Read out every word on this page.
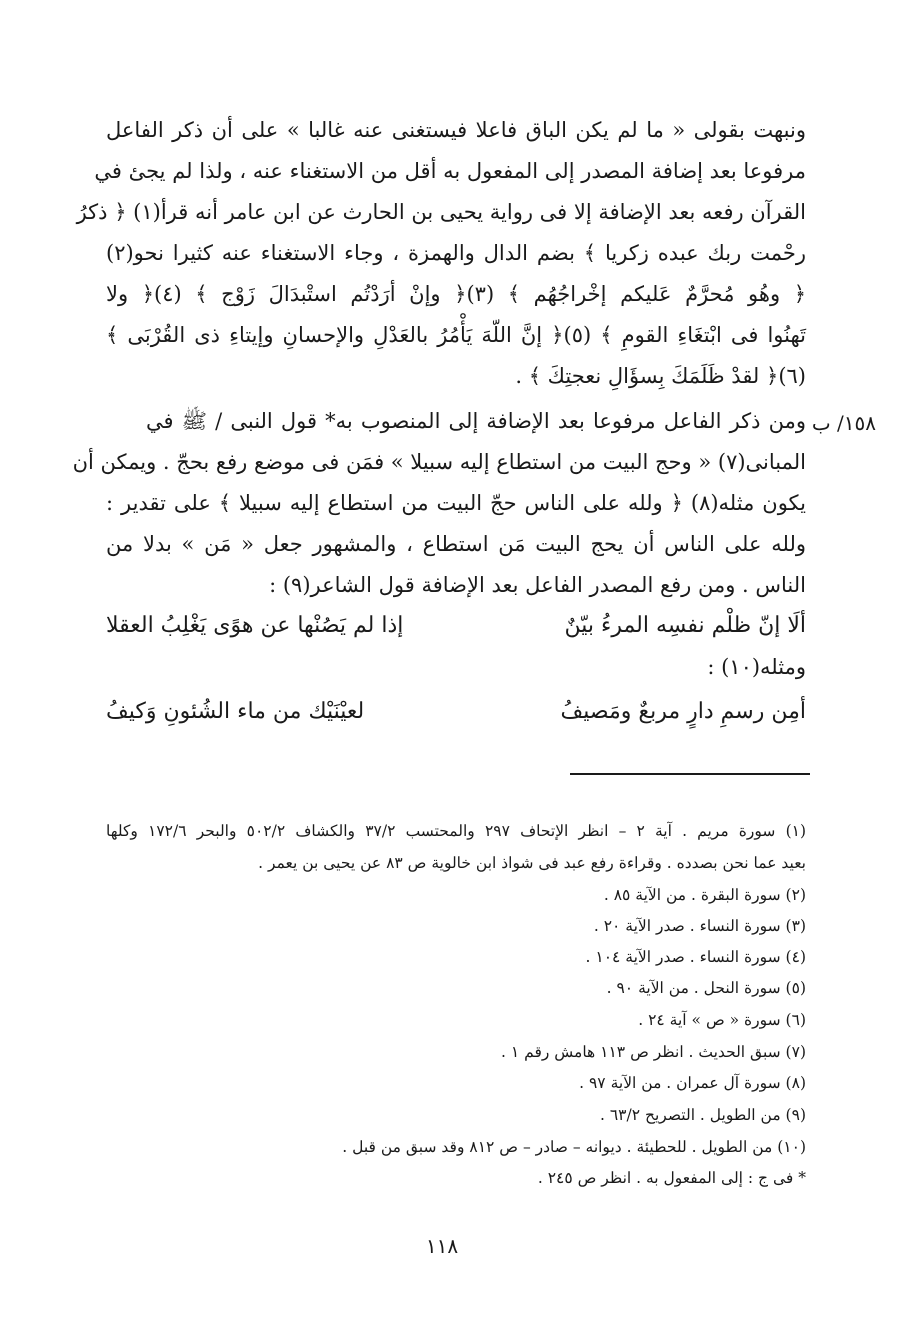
ونبهت بقولى « ما لم يكن الباق فاعلا فيستغنى عنه غالبا » على أن ذكر الفاعل
مرفوعا بعد إضافة المصدر إلى المفعول به أقل من الاستغناء عنه ، ولذا لم يجئ في
القرآن رفعه بعد الإضافة إلا فى رواية يحيى بن الحارث عن ابن عامر أنه قرأ(١) ﴿ ذكرُ
رحْمت ربك عبده زكريا ﴾ بضم الدال والهمزة ، وجاء الاستغناء عنه كثيرا نحو(٢)
﴿ وهُو مُحرَّمٌ عَليكم إخْراجُهُم ﴾ (٣)﴿ وإنْ أرَدْتُم استْبدَالَ زَوْج ﴾ (٤)﴿ ولا
تَهنُوا فى ابْتغَاءِ القومِ ﴾ (٥)﴿ إنَّ اللّهَ يَأْمُرُ بالعَدْلِ والإحسانِ وإيتاءِ ذى القُرْبَى ﴾
(٦)﴿ لقدْ ظَلَمَكَ بِسؤَالِ نعجتِكَ ﴾ .
١٥٨/ ب
ومن ذكر الفاعل مرفوعا بعد الإضافة إلى المنصوب به* قول النبى / ﷺ في
المبانى(٧) « وحج البيت من استطاع إليه سبيلا » فمَن فى موضع رفع بحجّ . ويمكن أن
يكون مثله(٨) ﴿ ولله على الناس حجّ البيت من استطاع إليه سبيلا ﴾ على تقدير :
ولله على الناس أن يحج البيت مَن استطاع ، والمشهور جعل « مَن » بدلا من
الناس . ومن رفع المصدر الفاعل بعد الإضافة قول الشاعر(٩) :
ألَا إنّ ظلْم نفسِه المرءُ بيّنٌ
إذا لم يَصُنْها عن هوًى يَغْلِبُ العقلا
ومثله(١٠) :
أمِن رسمِ دارٍ مربعٌ ومَصيفُ
لعيْنَيْك من ماء الشُئونِ وَكيفُ
(١) سورة مريم . آية ٢ – انظر الإتحاف ٢٩٧ والمحتسب ٣٧/٢ والكشاف ٥٠٢/٢ والبحر ١٧٢/٦ وكلها
بعيد عما نحن بصدده . وقراءة رفع عبد فى شواذ ابن خالوية ص ٨٣ عن يحيى بن يعمر .
(٢) سورة البقرة . من الآية ٨٥ .
(٣) سورة النساء . صدر الآية ٢٠ .
(٤) سورة النساء . صدر الآية ١٠٤ .
(٥) سورة النحل . من الآية ٩٠ .
(٦) سورة « ص » آية ٢٤ .
(٧) سبق الحديث . انظر ص ١١٣ هامش رقم ١ .
(٨) سورة آل عمران . من الآية ٩٧ .
(٩) من الطويل . التصريح ٦٣/٢ .
(١٠) من الطويل . للحطيئة . ديوانه – صادر – ص ٨١٢ وقد سبق من قبل .
* فى ج : إلى المفعول به . انظر ص ٢٤٥ .
١١٨
